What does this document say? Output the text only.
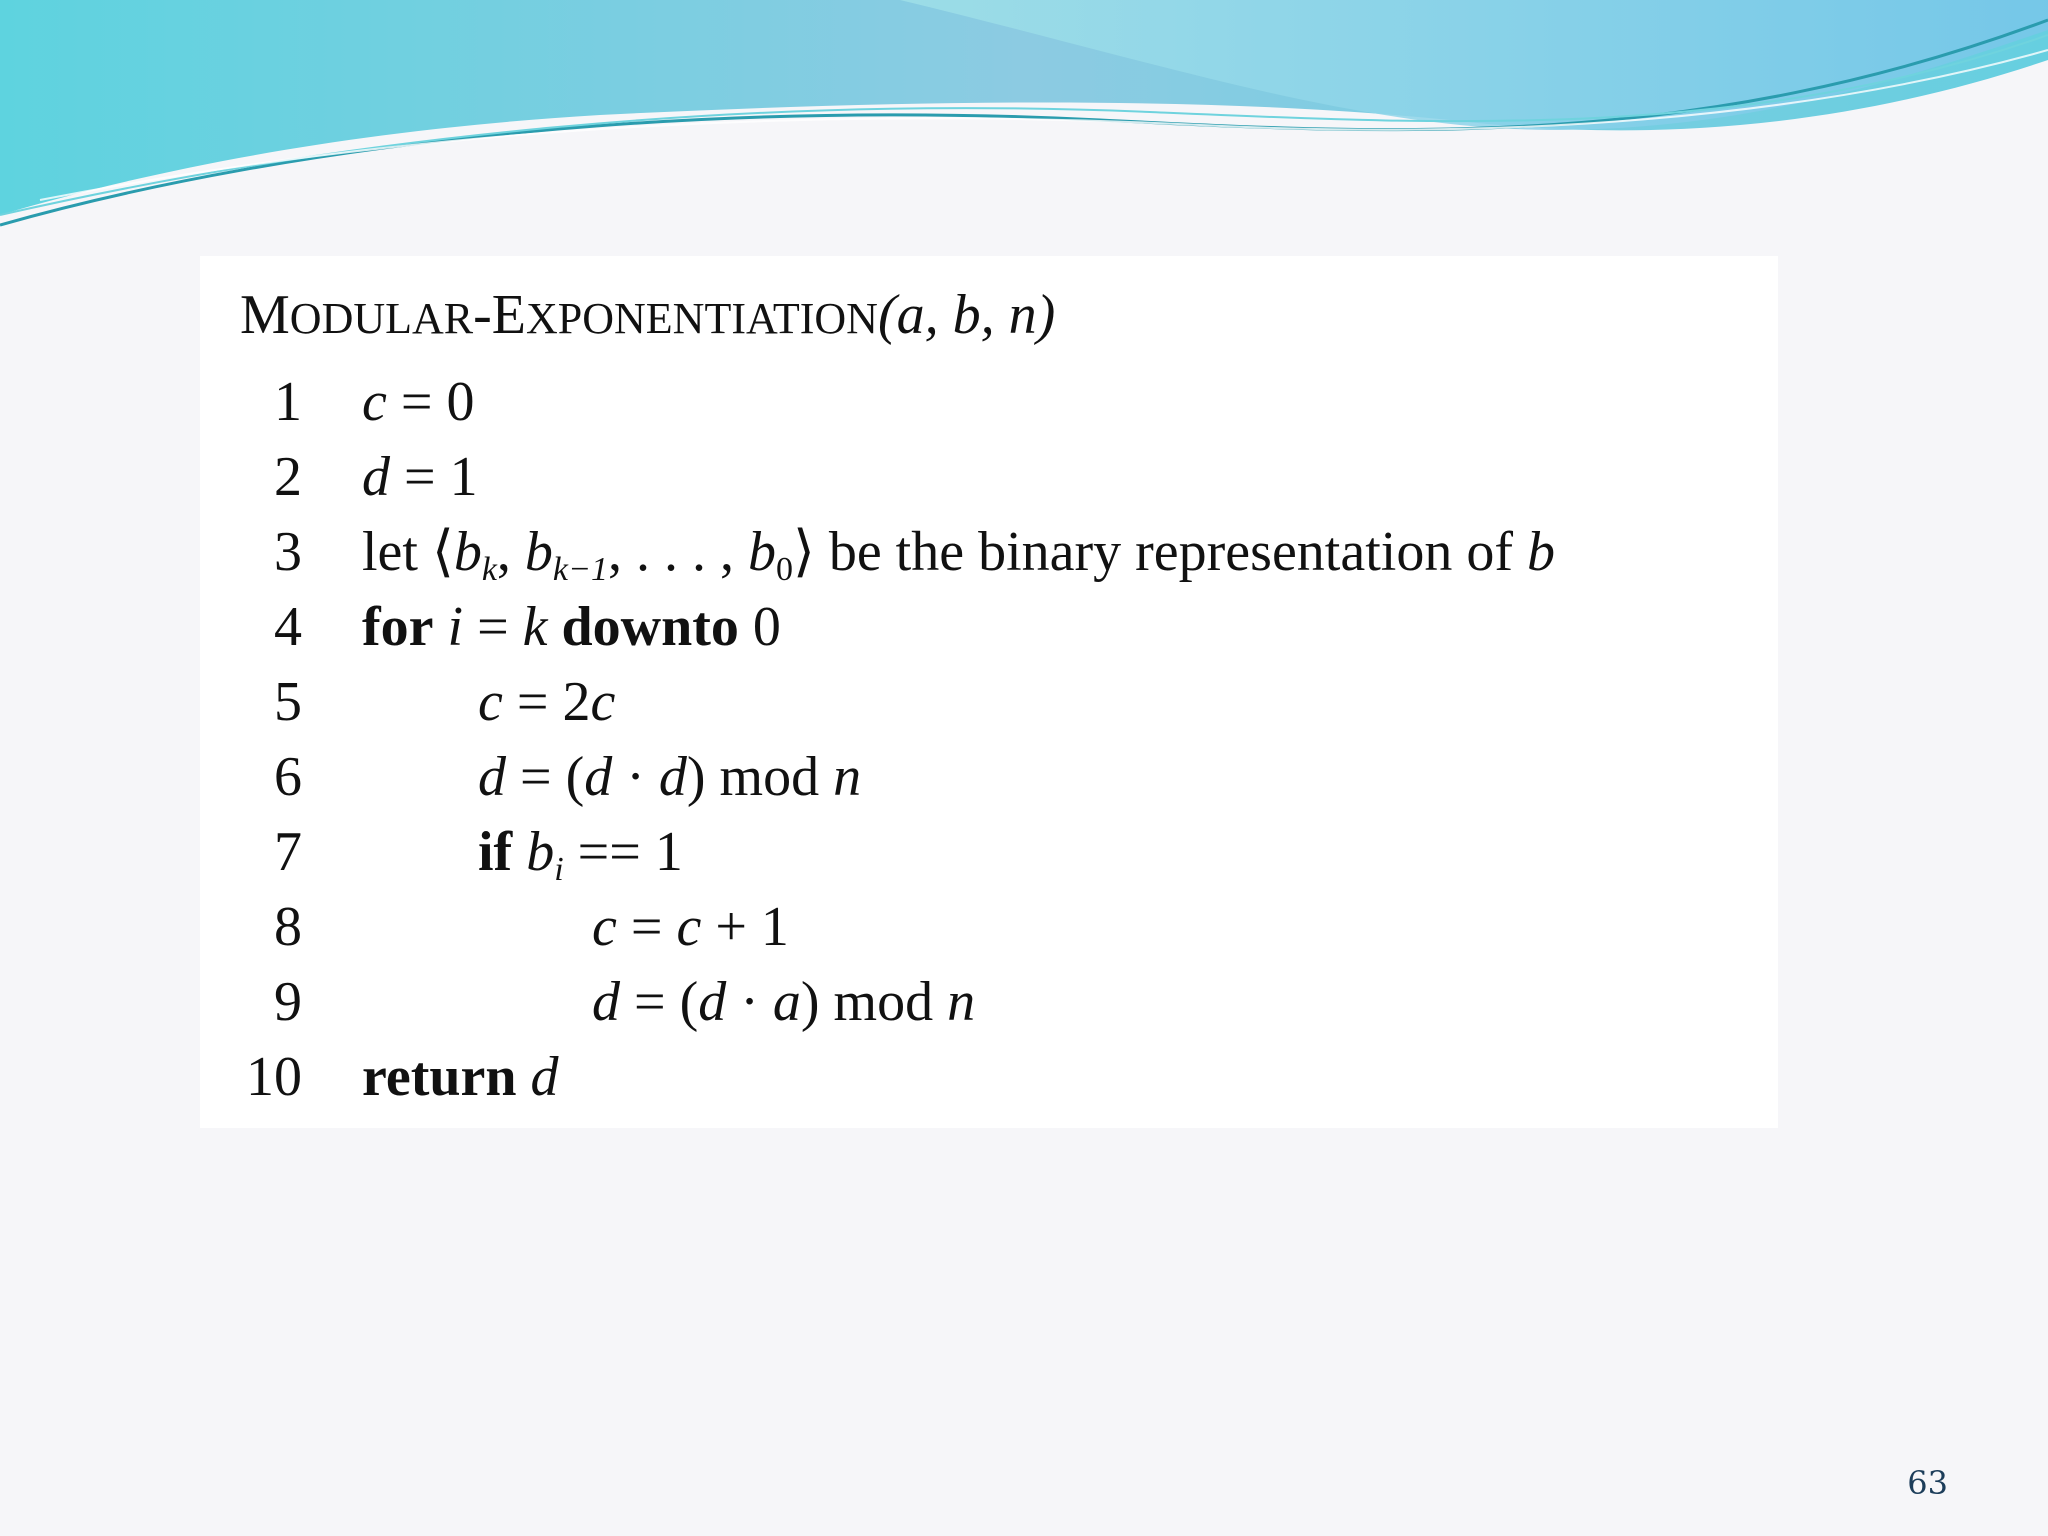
MODULAR-EXPONENTIATION(a, b, n)
1 c = 0
2 d = 1
3 let $⟨b_k$, $b_{k-1}$, . . . , $b_0⟩$ be the binary representation of b
4 for i = k downto 0
5	c = 2c
6	d = (d · d) mod n
7	if $b_i == 1$
8	c = c + 1
9	d = (d · a) mod n
10 return d
63
